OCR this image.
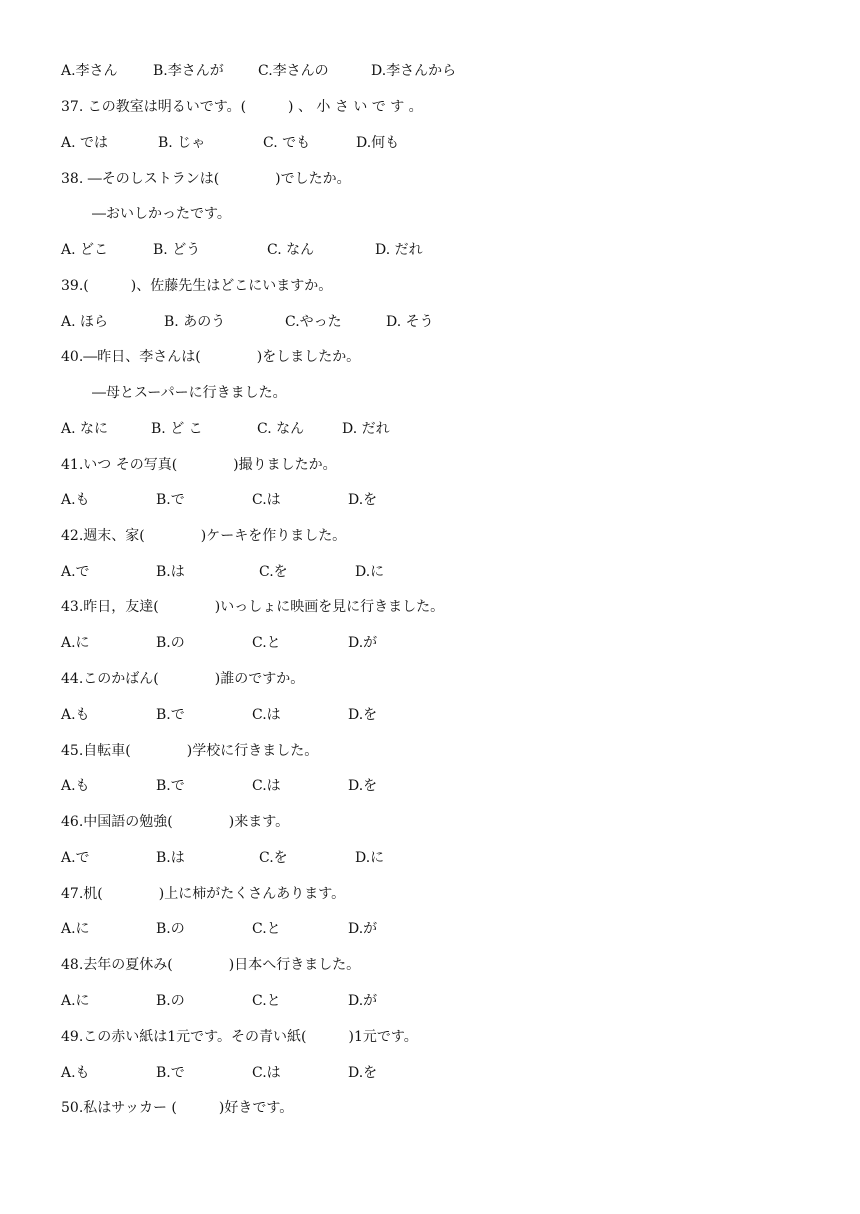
A.李さん

	B.李さんが

C.李さんの

	D.李さんから

37. この教室は明るいです。(　　　) 、 小 さ い で す 。

A. では

	B. じゃ

	C. でも

	D.何も

38. ―そのしストランは(　　　　)でしたか。
―おいしかったです。

A. どこ

	B. どう

	C. なん

	D. だれ

39.(　　　)、佐藤先生はどこにいますか。

A. ほら

	B. あのう

	C.やった

	D. そう

40.―昨日、李さんは(　　　　)をしましたか。
―母とスーパーに行きました。

A. なに

	B. ど こ

	C. なん

	D. だれ

41.いつ その写真(　　　　)撮りましたか。

A.も

	B.で

	C.は

	D.を

42.週末、家(　　　　)ケーキを作りました。

A.で

	B.は

	C.を

	D.に

43.昨日，友達(　　　　)いっしょに映画を見に行きました。

A.に

	B.の

	C.と

	D.が

44.このかばん(　　　　)誰のですか。

A.も

	B.で

	C.は

	D.を

45.自転車(　　　　)学校に行きました。

A.も

	B.で

	C.は

	D.を

46.中国語の勉強(　　　　)来ます。

A.で

	B.は

	C.を

	D.に

47.机(　　　　)上に柿がたくさんあります。

A.に

	B.の

	C.と

	D.が

48.去年の夏休み(　　　　)日本へ行きました。

A.に

	B.の

	C.と

	D.が

49.この赤い紙は1元です。その青い紙(　　　)1元です。

A.も

	B.で

	C.は

	D.を

50.私はサッカー (　　　)好きです。
